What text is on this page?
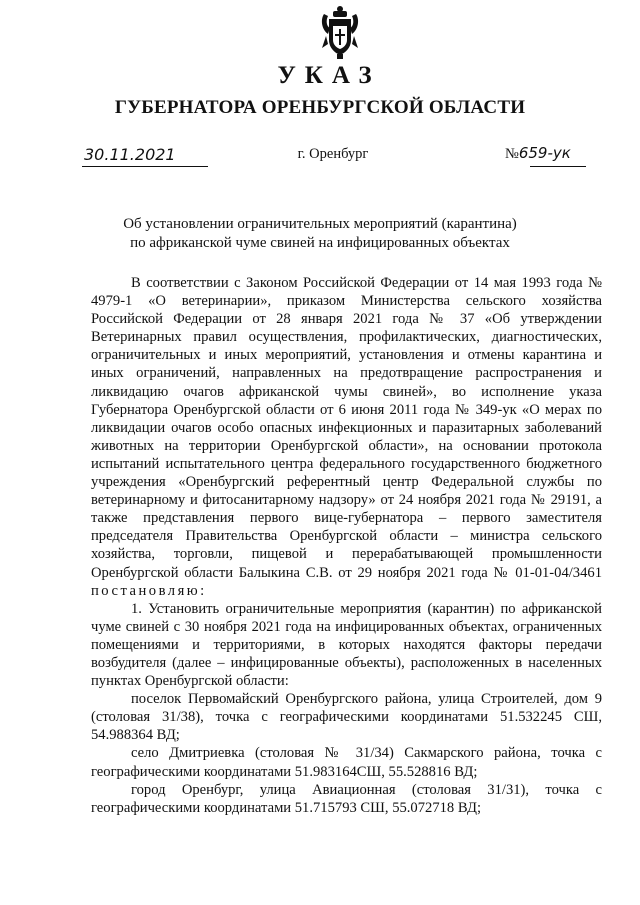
УКАЗ
ГУБЕРНАТОРА ОРЕНБУРГСКОЙ ОБЛАСТИ
30.11.2021	г. Оренбург	№659-ук
Об установлении ограничительных мероприятий (карантина)
по африканской чуме свиней на инфицированных объектах

В соответствии с Законом Российской Федерации от 14 мая 1993 года № 4979-1 «О ветеринарии», приказом Министерства сельского хозяйства Российской Федерации от 28 января 2021 года № 37 «Об утверждении Ветеринарных правил осуществления, профилактических, диагностических, ограничительных и иных мероприятий, установления и отмены карантина и иных ограничений, направленных на предотвращение распространения и ликвидацию очагов африканской чумы свиней», во исполнение указа Губернатора Оренбургской области от 6 июня 2011 года № 349-ук «О мерах по ликвидации очагов особо опасных инфекционных и паразитарных заболеваний животных на территории Оренбургской области», на основании протокола испытаний испытательного центра федерального государственного бюджетного учреждения «Оренбургский референтный центр Федеральной службы по ветеринарному и фитосанитарному надзору» от 24 ноября 2021 года № 29191, а также представления первого вице-губернатора – первого заместителя председателя Правительства Оренбургской области – министра сельского хозяйства, торговли, пищевой и перерабатывающей промышленности Оренбургской области Балыкина С.В. от 29 ноября 2021 года № 01-01-04/3461 постановляю:

1. Установить ограничительные мероприятия (карантин) по африканской чуме свиней с 30 ноября 2021 года на инфицированных объектах, ограниченных помещениями и территориями, в которых находятся факторы передачи возбудителя (далее – инфицированные объекты), расположенных в населенных пунктах Оренбургской области:

поселок Первомайский Оренбургского района, улица Строителей, дом 9 (столовая 31/38), точка с географическими координатами 51.532245 СШ, 54.988364 ВД;

село Дмитриевка (столовая № 31/34) Сакмарского района, точка с географическими координатами 51.983164СШ, 55.528816 ВД;

город Оренбург, улица Авиационная (столовая 31/31), точка с географическими координатами 51.715793 СШ, 55.072718 ВД;
